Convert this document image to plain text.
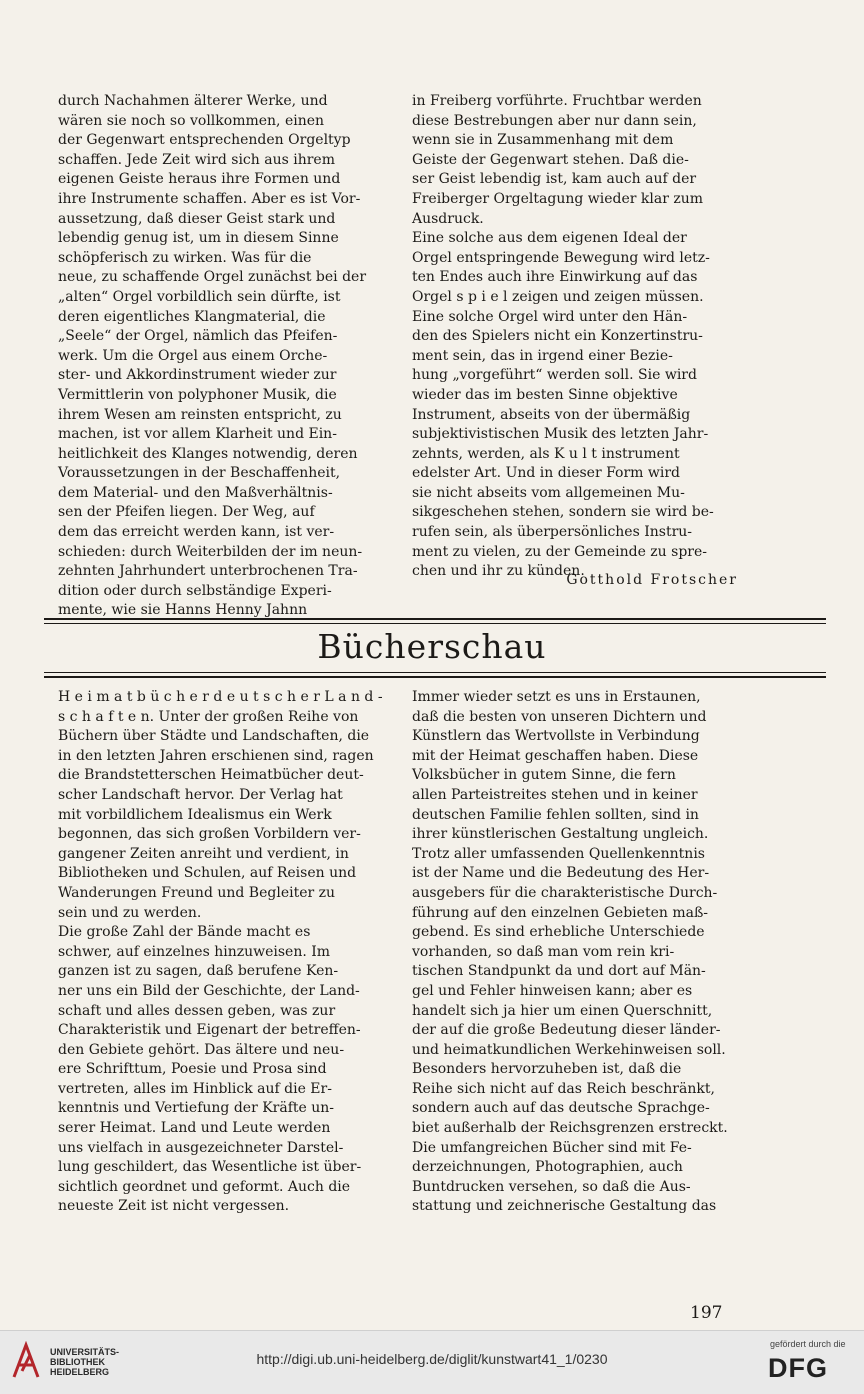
durch Nachahmen älterer Werke, und

wären sie noch so vollkommen, einen

der Gegenwart entsprechenden Orgeltyp

schaffen. Jede Zeit wird sich aus ihrem

eigenen Geiste heraus ihre Formen und

ihre Instrumente schaffen. Aber es ist Vor-

aussetzung, daß dieser Geist stark und

lebendig genug ist, um in diesem Sinne

schöpferisch zu wirken. Was für die

neue, zu schaffende Orgel zunächst bei der

„alten“ Orgel vorbildlich sein dürfte, ist

deren eigentliches Klangmaterial, die

„Seele“ der Orgel, nämlich das Pfeifen-

werk. Um die Orgel aus einem Orche-

ster- und Akkordinstrument wieder zur

Vermittlerin von polyphoner Musik, die

ihrem Wesen am reinsten entspricht, zu

machen, ist vor allem Klarheit und Ein-

heitlichkeit des Klanges notwendig, deren

Voraussetzungen in der Beschaffenheit,

dem Material- und den Maßverhältnis-

sen der Pfeifen liegen. Der Weg, auf

dem das erreicht werden kann, ist ver-

schieden: durch Weiterbilden der im neun-

zehnten Jahrhundert unterbrochenen Tra-

dition oder durch selbständige Experi-

mente, wie sie Hanns Henny Jahnn

in Freiberg vorführte. Fruchtbar werden

diese Bestrebungen aber nur dann sein,

wenn sie in Zusammenhang mit dem

Geiste der Gegenwart stehen. Daß die-

ser Geist lebendig ist, kam auch auf der

Freiberger Orgeltagung wieder klar zum

Ausdruck.

Eine solche aus dem eigenen Ideal der

Orgel entspringende Bewegung wird letz-

ten Endes auch ihre Einwirkung auf das

Orgel s p i e l zeigen und zeigen müssen.

Eine solche Orgel wird unter den Hän-

den des Spielers nicht ein Konzertinstru-

ment sein, das in irgend einer Bezie-

hung „vorgeführt“ werden soll. Sie wird

wieder das im besten Sinne objektive

Instrument, abseits von der übermäßig

subjektivistischen Musik des letzten Jahr-

zehnts, werden, als K u l t instrument

edelster Art. Und in dieser Form wird

sie nicht abseits vom allgemeinen Mu-

sikgeschehen stehen, sondern sie wird be-

rufen sein, als überpersönliches Instru-

ment zu vielen, zu der Gemeinde zu spre-

chen und ihr zu künden.

Gotthold Frotscher
Bücherschau

H e i m a t b ü c h e r d e u t s c h e r L a n d -

s c h a f t e n. Unter der großen Reihe von

Büchern über Städte und Landschaften, die

in den letzten Jahren erschienen sind, ragen

die Brandstetterschen Heimatbücher deut-

scher Landschaft hervor. Der Verlag hat

mit vorbildlichem Idealismus ein Werk

begonnen, das sich großen Vorbildern ver-

gangener Zeiten anreiht und verdient, in

Bibliotheken und Schulen, auf Reisen und

Wanderungen Freund und Begleiter zu

sein und zu werden.

Die große Zahl der Bände macht es

schwer, auf einzelnes hinzuweisen. Im

ganzen ist zu sagen, daß berufene Ken-

ner uns ein Bild der Geschichte, der Land-

schaft und alles dessen geben, was zur

Charakteristik und Eigenart der betreffen-

den Gebiete gehört. Das ältere und neu-

ere Schrifttum, Poesie und Prosa sind

vertreten, alles im Hinblick auf die Er-

kenntnis und Vertiefung der Kräfte un-

serer Heimat. Land und Leute werden

uns vielfach in ausgezeichneter Darstel-

lung geschildert, das Wesentliche ist über-

sichtlich geordnet und geformt. Auch die

neueste Zeit ist nicht vergessen.

Immer wieder setzt es uns in Erstaunen,

daß die besten von unseren Dichtern und

Künstlern das Wertvollste in Verbindung

mit der Heimat geschaffen haben. Diese

Volksbücher in gutem Sinne, die fern

allen Parteistreites stehen und in keiner

deutschen Familie fehlen sollten, sind in

ihrer künstlerischen Gestaltung ungleich.

Trotz aller umfassenden Quellenkenntnis

ist der Name und die Bedeutung des Her-

ausgebers für die charakteristische Durch-

führung auf den einzelnen Gebieten maß-

gebend. Es sind erhebliche Unterschiede

vorhanden, so daß man vom rein kri-

tischen Standpunkt da und dort auf Män-

gel und Fehler hinweisen kann; aber es

handelt sich ja hier um einen Querschnitt,

der auf die große Bedeutung dieser länder-

und heimatkundlichen Werkehinweisen soll.

Besonders hervorzuheben ist, daß die

Reihe sich nicht auf das Reich beschränkt,

sondern auch auf das deutsche Sprachge-

biet außerhalb der Reichsgrenzen erstreckt.

Die umfangreichen Bücher sind mit Fe-

derzeichnungen, Photographien, auch

Buntdrucken versehen, so daß die Aus-

stattung und zeichnerische Gestaltung das

197
UNIVERSITÄTS-
BIBLIOTHEK
HEIDELBERG
http://digi.ub.uni-heidelberg.de/diglit/kunstwart41_1/0230
gefördert durch die
DFG
